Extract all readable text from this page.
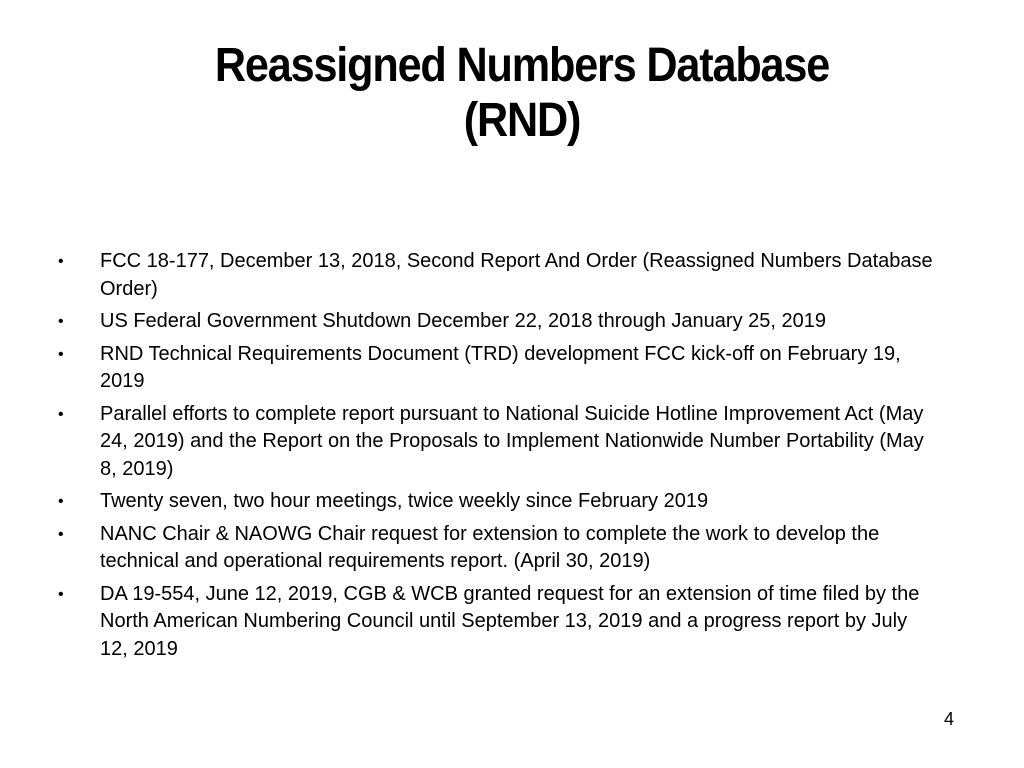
Reassigned Numbers Database
(RND)
• FCC 18-177, December 13, 2018, Second Report And Order (Reassigned Numbers Database Order)
• US Federal Government Shutdown December 22, 2018 through January 25, 2019
• RND Technical Requirements Document (TRD) development FCC kick-off on February 19, 2019
• Parallel efforts to complete report pursuant to National Suicide Hotline Improvement Act (May 24, 2019) and the Report on the Proposals to Implement Nationwide Number Portability (May 8, 2019)
• Twenty seven, two hour meetings, twice weekly since February 2019
• NANC Chair & NAOWG Chair request for extension to complete the work to develop the technical and operational requirements report. (April 30, 2019)
• DA 19-554, June 12, 2019, CGB & WCB granted request for an extension of time filed by the North American Numbering Council until September 13, 2019 and a progress report by July 12, 2019
4
